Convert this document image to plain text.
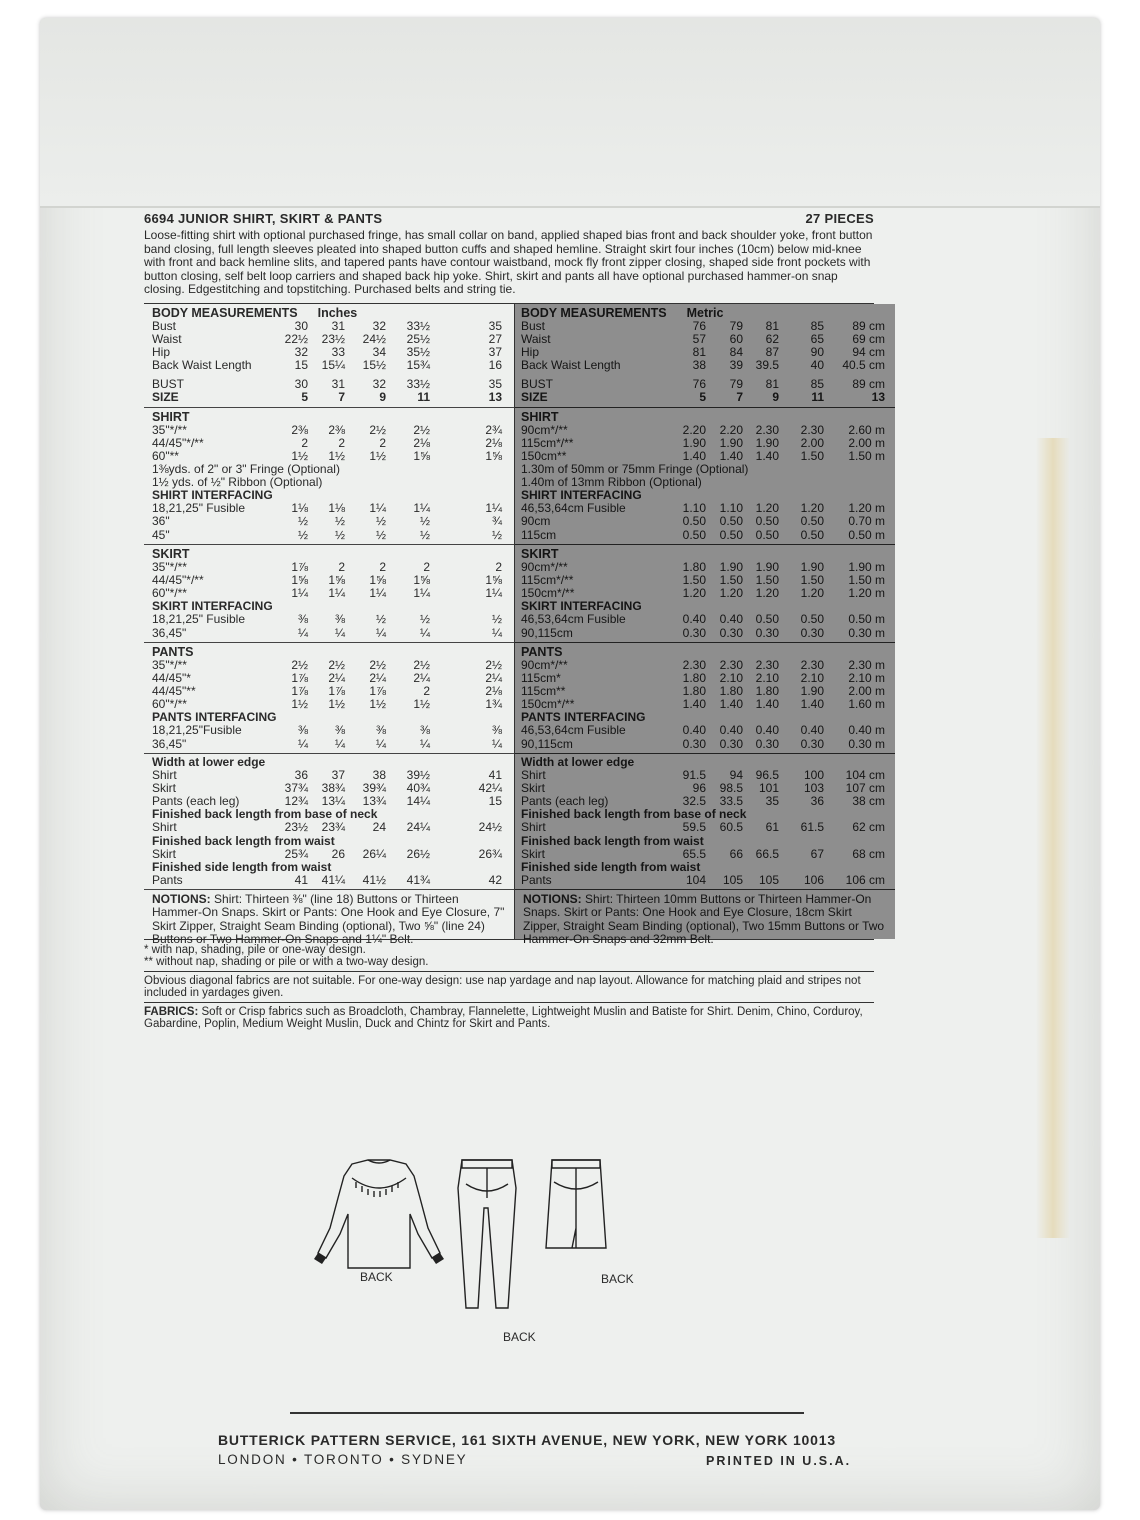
6694 JUNIOR SHIRT, SKIRT & PANTS	27 PIECES
Loose-fitting shirt with optional purchased fringe, has small collar on band, applied shaped bias front and back shoulder yoke, front button band closing, full length sleeves pleated into shaped button cuffs and shaped hemline. Straight skirt four inches (10cm) below mid-knee with front and back hemline slits, and tapered pants have contour waistband, mock fly front zipper closing, shaped side front pockets with button closing, self belt loop carriers and shaped back hip yoke. Shirt, skirt and pants all have optional purchased hammer-on snap closing. Edgestitching and topstitching. Purchased belts and string tie.
BODY MEASUREMENTS Inches
Bust	30 31 32 33½	35
Waist	22½ 23½ 24½ 25½	27
Hip	32 33 34 35½	37
Back Waist Length	15 15¼ 15½ 15¾	16
BUST	30 31 32 33½	35
SIZE	5	7	9	11	13
SHIRT
35"*/**	2⅜ 2⅜ 2½ 2½	2¾
44/45"*/**	2	2	2 2⅛	2⅛
60"**	1½ 1½ 1½ 1⅝	1⅝
1⅜yds. of 2" or 3" Fringe (Optional)
1½ yds. of ½" Ribbon (Optional)
SHIRT INTERFACING
18,21,25" Fusible	1⅛ 1⅛ 1¼ 1¼	1¼
36"	½ ½	½	½	¾
45"	½ ½	½	½	½
SKIRT
35"*/**	1⅞	2	2	2	2
44/45"*/**	1⅝ 1⅝ 1⅝ 1⅝	1⅝
60"*/**	1¼ 1¼ 1¼ 1¼	1¼
SKIRT INTERFACING
18,21,25" Fusible	⅜ ⅜	½	½	½
36,45"	¼ ¼	¼	¼	¼
PANTS
35"*/**	2½ 2½ 2½ 2½	2½
44/45"*	1⅞ 2¼ 2¼ 2¼	2¼
44/45"**	1⅞ 1⅞ 1⅞	2	2⅛
60"*/**	1½ 1½ 1½ 1½	1¾
PANTS INTERFACING
18,21,25"Fusible	⅜ ⅜	⅜	⅜	⅜
36,45"	¼ ¼	¼	¼	¼
Width at lower edge
Shirt	36 37 38 39½	41
Skirt	37¾ 38¾ 39¾ 40¾	42¼
Pants (each leg)	12¾ 13¼ 13¾ 14¼	15
Finished back length from base of neck
Shirt	23½ 23¾ 24 24¼	24½
Finished back length from waist
Skirt	25¾ 26 26¼ 26½	26¾
Finished side length from waist
Pants	41 41¼ 41½ 41¾	42
NOTIONS: Shirt: Thirteen ⅜" (line 18) Buttons or Thirteen Hammer-On Snaps. Skirt or Pants: One Hook and Eye Closure, 7" Skirt Zipper, Straight Seam Binding (optional), Two ⅝" (line 24) Buttons or Two Hammer-On Snaps and 1¼" Belt.
BODY MEASUREMENTS Metric
Bust	76 79 81	85 89 cm
Waist	57 60 62	65 69 cm
Hip	81 84 87	90 94 cm
Back Waist Length	38 39 39.5	40 40.5 cm
BUST	76 79 81	85 89 cm
SIZE	5	7 9	11	13
SHIRT
90cm*/**	2.20 2.20 2.30 2.30 2.60 m
115cm*/**	1.90 1.90 1.90 2.00 2.00 m
150cm**	1.40 1.40 1.40 1.50 1.50 m
1.30m of 50mm or 75mm Fringe (Optional)
1.40m of 13mm Ribbon (Optional)
SHIRT INTERFACING
46,53,64cm Fusible	1.10 1.10 1.20 1.20 1.20 m
90cm	0.50 0.50 0.50 0.50 0.70 m
115cm	0.50 0.50 0.50 0.50 0.50 m
SKIRT
90cm*/**	1.80 1.90 1.90 1.90 1.90 m
115cm*/**	1.50 1.50 1.50 1.50 1.50 m
150cm*/**	1.20 1.20 1.20 1.20 1.20 m
SKIRT INTERFACING
46,53,64cm Fusible	0.40 0.40 0.50 0.50 0.50 m
90,115cm	0.30 0.30 0.30 0.30 0.30 m
PANTS
90cm*/**	2.30 2.30 2.30 2.30 2.30 m
115cm*	1.80 2.10 2.10 2.10 2.10 m
115cm**	1.80 1.80 1.80 1.90 2.00 m
150cm*/**	1.40 1.40 1.40 1.40 1.60 m
PANTS INTERFACING
46,53,64cm Fusible	0.40 0.40 0.40 0.40 0.40 m
90,115cm	0.30 0.30 0.30 0.30 0.30 m
Width at lower edge
Shirt	91.5 94 96.5 100 104 cm
Skirt	96 98.5 101 103 107 cm
Pants (each leg)	32.5 33.5 35	36 38 cm
Finished back length from base of neck
Shirt	59.5 60.5 61 61.5 62 cm
Finished back length from waist
Skirt	65.5 66 66.5	67 68 cm
Finished side length from waist
Pants	104 105 105 106 106 cm
NOTIONS: Shirt: Thirteen 10mm Buttons or Thirteen Hammer-On Snaps. Skirt or Pants: One Hook and Eye Closure, 18cm Skirt Zipper, Straight Seam Binding (optional), Two 15mm Buttons or Two Hammer-On Snaps and 32mm Belt.
* with nap, shading, pile or one-way design.
** without nap, shading or pile or with a two-way design.
Obvious diagonal fabrics are not suitable. For one-way design: use nap yardage and nap layout. Allowance for matching plaid and stripes not included in yardages given.
FABRICS: Soft or Crisp fabrics such as Broadcloth, Chambray, Flannelette, Lightweight Muslin and Batiste for Shirt. Denim, Chino, Corduroy, Gabardine, Poplin, Medium Weight Muslin, Duck and Chintz for Skirt and Pants.
BACK
BACK
BACK
BUTTERICK PATTERN SERVICE, 161 SIXTH AVENUE, NEW YORK, NEW YORK 10013
LONDON • TORONTO • SYDNEY	PRINTED IN U.S.A.
